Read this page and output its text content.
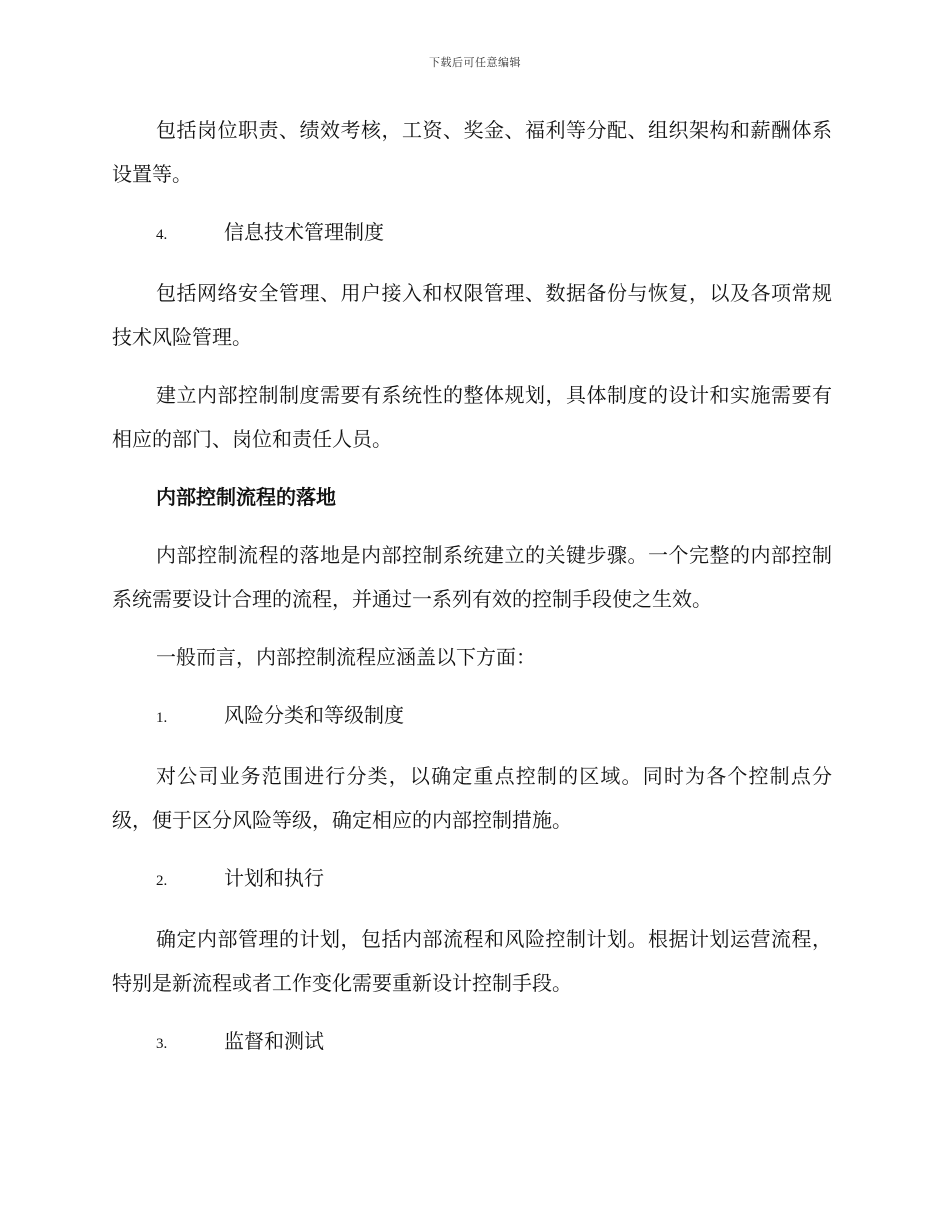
下载后可任意编辑

包括岗位职责、绩效考核，工资、奖金、福利等分配、组织架构和薪酬体系设置等。

4.	信息技术管理制度

包括网络安全管理、用户接入和权限管理、数据备份与恢复，以及各项常规技术风险管理。

建立内部控制制度需要有系统性的整体规划，具体制度的设计和实施需要有相应的部门、岗位和责任人员。

内部控制流程的落地

内部控制流程的落地是内部控制系统建立的关键步骤。一个完整的内部控制系统需要设计合理的流程，并通过一系列有效的控制手段使之生效。

一般而言，内部控制流程应涵盖以下方面：

1.	风险分类和等级制度

对公司业务范围进行分类，以确定重点控制的区域。同时为各个控制点分级，便于区分风险等级，确定相应的内部控制措施。

2.	计划和执行

确定内部管理的计划，包括内部流程和风险控制计划。根据计划运营流程，特别是新流程或者工作变化需要重新设计控制手段。

3.	监督和测试
